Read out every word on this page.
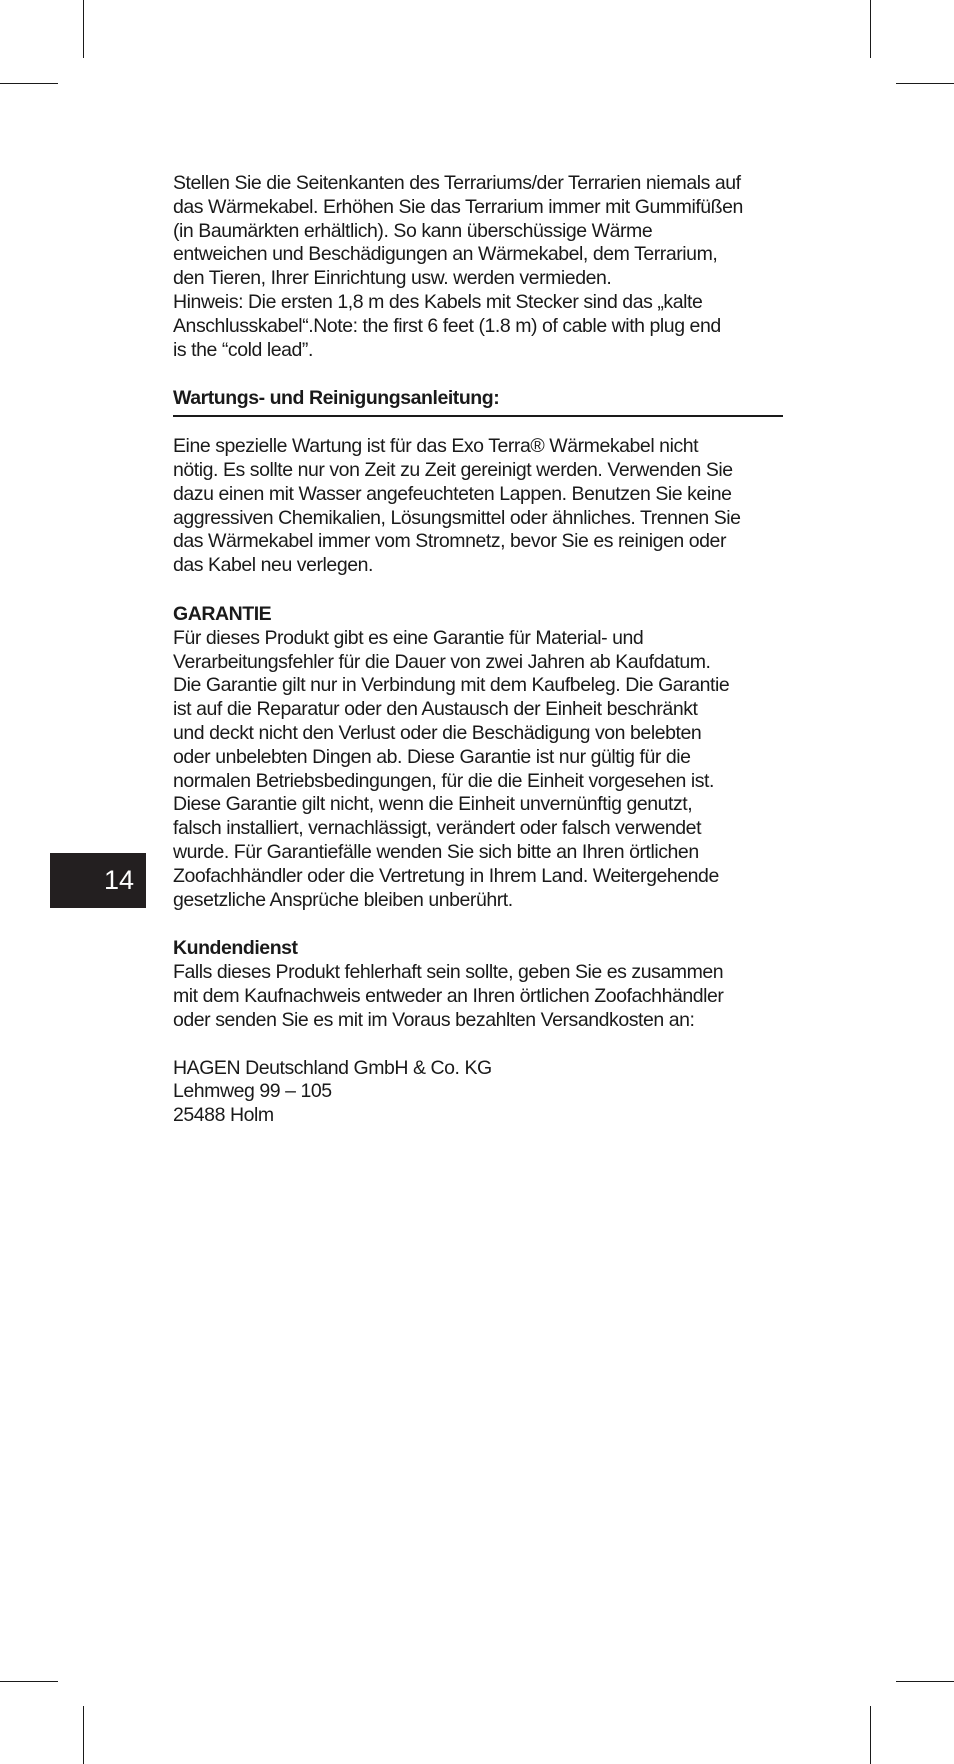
Stellen Sie die Seitenkanten des Terrariums/der Terrarien niemals auf
das Wärmekabel. Erhöhen Sie das Terrarium immer mit Gummifüßen
(in Baumärkten erhältlich). So kann überschüssige Wärme
entweichen und Beschädigungen an Wärmekabel, dem Terrarium,
den Tieren, Ihrer Einrichtung usw. werden vermieden.
Hinweis: Die ersten 1,8 m des Kabels mit Stecker sind das „kalte
Anschlusskabel“.Note: the first 6 feet (1.8 m) of cable with plug end
is the “cold lead”.

Wartungs- und Reinigungsanleitung:

Eine spezielle Wartung ist für das Exo Terra® Wärmekabel nicht
nötig. Es sollte nur von Zeit zu Zeit gereinigt werden. Verwenden Sie
dazu einen mit Wasser angefeuchteten Lappen. Benutzen Sie keine
aggressiven Chemikalien, Lösungsmittel oder ähnliches. Trennen Sie
das Wärmekabel immer vom Stromnetz, bevor Sie es reinigen oder
das Kabel neu verlegen.

GARANTIE

Für dieses Produkt gibt es eine Garantie für Material- und
Verarbeitungsfehler für die Dauer von zwei Jahren ab Kaufdatum.
Die Garantie gilt nur in Verbindung mit dem Kaufbeleg. Die Garantie
ist auf die Reparatur oder den Austausch der Einheit beschränkt
und deckt nicht den Verlust oder die Beschädigung von belebten
oder unbelebten Dingen ab. Diese Garantie ist nur gültig für die
normalen Betriebsbedingungen, für die die Einheit vorgesehen ist.
Diese Garantie gilt nicht, wenn die Einheit unvernünftig genutzt,
falsch installiert, vernachlässigt, verändert oder falsch verwendet
wurde. Für Garantiefälle wenden Sie sich bitte an Ihren örtlichen
Zoofachhändler oder die Vertretung in Ihrem Land. Weitergehende
gesetzliche Ansprüche bleiben unberührt.

Kundendienst

Falls dieses Produkt fehlerhaft sein sollte, geben Sie es zusammen
mit dem Kaufnachweis entweder an Ihren örtlichen Zoofachhändler
oder senden Sie es mit im Voraus bezahlten Versandkosten an:

HAGEN Deutschland GmbH & Co. KG

Lehmweg 99 – 105

25488 Holm

14
